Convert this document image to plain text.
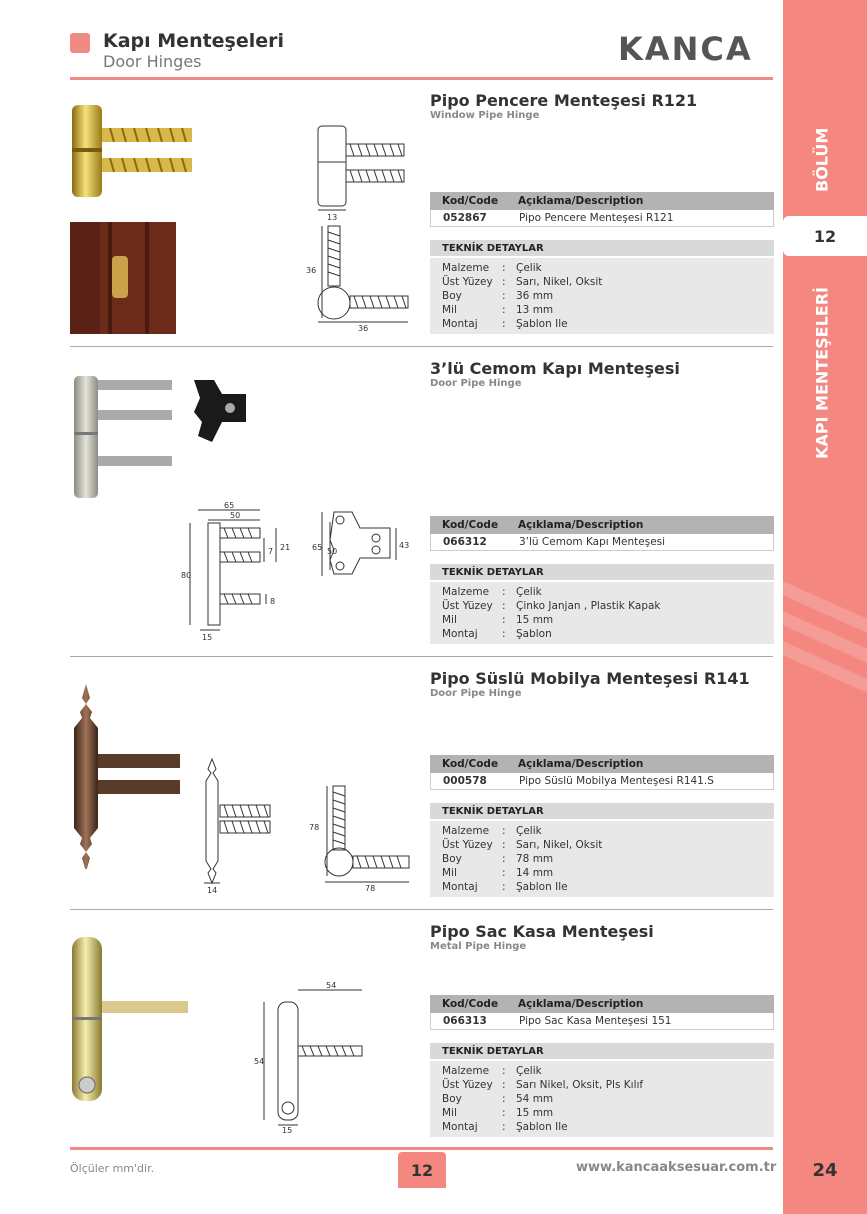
BÖLÜM
12
KAPI MENTEŞELERİ
Kapı Menteşeleri
Door Hinges	KANCA
Pipo Pencere Menteşesi R121
Window Pipe Hinge
13
36
36
Kod/Code	Açıklama/Description
052867	Pipo Pencere Menteşesi R121
TEKNİK DETAYLAR
Malzeme	: Çelik
Üst Yüzey : Sarı, Nikel, Oksit
Boy	: 36 mm
Mil	: 13 mm
Montaj	: Şablon Ile
3’lü Cemom Kapı Menteşesi
Door Pipe Hinge
65
50
7 21
80
8
15
65 50
43
Kod/Code	Açıklama/Description
066312	3’lü Cemom Kapı Menteşesi
TEKNİK DETAYLAR
Malzeme	: Çelik
Üst Yüzey : Çinko Janjan , Plastik Kapak
Mil	: 15 mm
Montaj	: Şablon
Pipo Süslü Mobilya Menteşesi R141
Door Pipe Hinge
14
78
78
Kod/Code	Açıklama/Description
000578	Pipo Süslü Mobilya Menteşesi R141.S
TEKNİK DETAYLAR
Malzeme	: Çelik
Üst Yüzey : Sarı, Nikel, Oksit
Boy	: 78 mm
Mil	: 14 mm
Montaj	: Şablon Ile
Pipo Sac Kasa Menteşesi
Metal Pipe Hinge
54
54
15
Kod/Code	Açıklama/Description
066313	Pipo Sac Kasa Menteşesi 151
TEKNİK DETAYLAR
Malzeme	: Çelik
Üst Yüzey : Sarı Nikel, Oksit, Pls Kılıf
Boy	: 54 mm
Mil	: 15 mm
Montaj	: Şablon Ile
Ölçüler mm'dir.	12	www.kancaaksesuar.com.tr	24
